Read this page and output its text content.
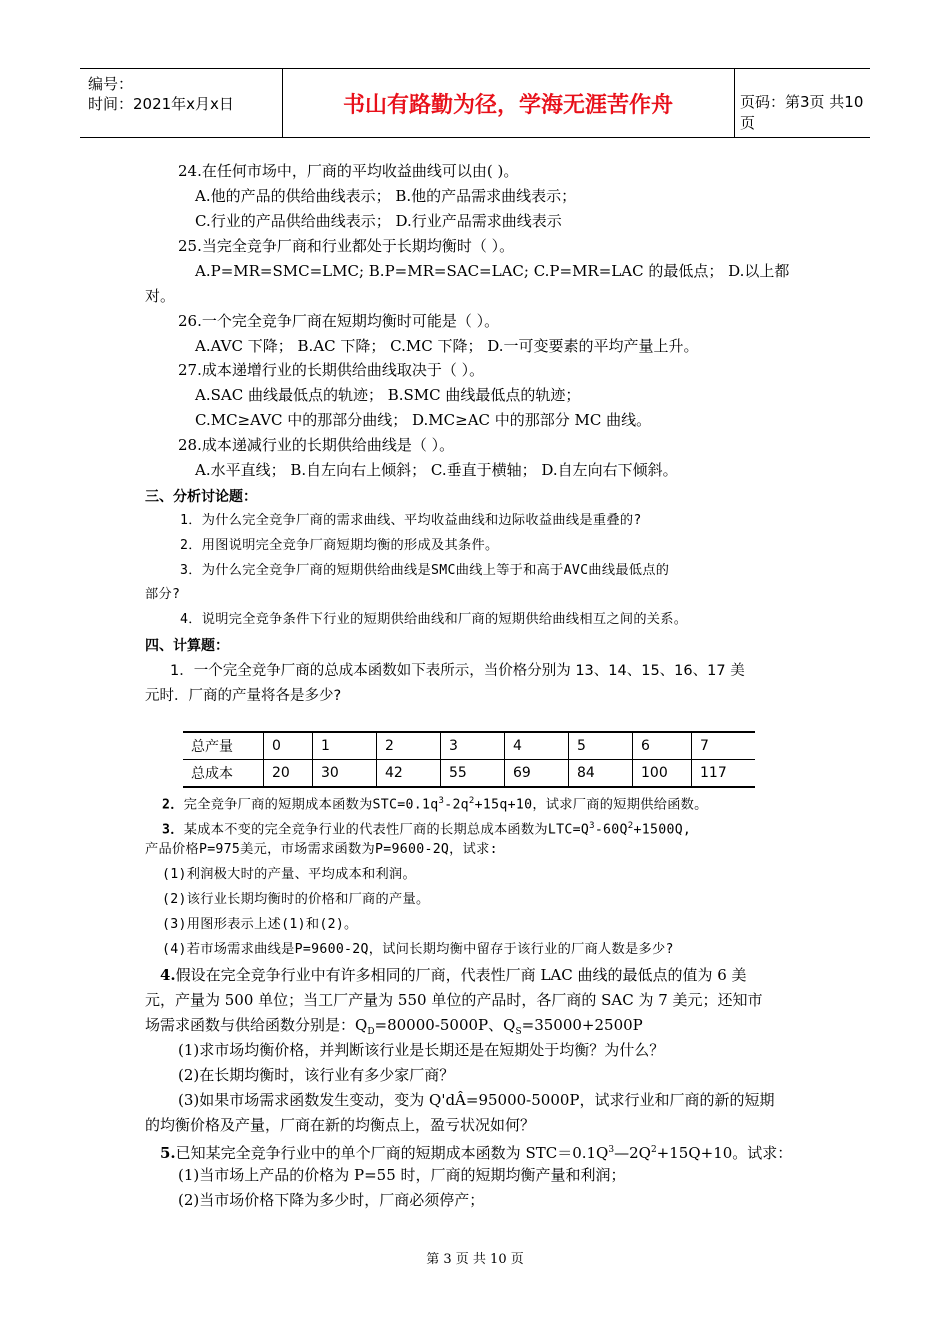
编号：
时间：2021年x月x日	书山有路勤为径，学海无涯苦作舟	页码：第3页 共10页
24.在任何市场中，厂商的平均收益曲线可以由( )。
A.他的产品的供给曲线表示； B.他的产品需求曲线表示；
C.行业的产品供给曲线表示； D.行业产品需求曲线表示
25.当完全竞争厂商和行业都处于长期均衡时（ ）。
A.P=MR=SMC=LMC; B.P=MR=SAC=LAC; C.P=MR=LAC 的最低点； D.以上都
对。
26.一个完全竞争厂商在短期均衡时可能是（ ）。
A.AVC 下降； B.AC 下降； C.MC 下降； D.一可变要素的平均产量上升。
27.成本递增行业的长期供给曲线取决于（ ）。
A.SAC 曲线最低点的轨迹； B.SMC 曲线最低点的轨迹；
C.MC≥AVC 中的那部分曲线； D.MC≥AC 中的那部分 MC 曲线。
28.成本递减行业的长期供给曲线是（ ）。
A.水平直线； B.自左向右上倾斜； C.垂直于横轴； D.自左向右下倾斜。
三、分析讨论题：
1．为什么完全竞争厂商的需求曲线、平均收益曲线和边际收益曲线是重叠的?
2．用图说明完全竞争厂商短期均衡的形成及其条件。
3．为什么完全竞争厂商的短期供给曲线是SMC曲线上等于和高于AVC曲线最低点的
部分?
4．说明完全竞争条件下行业的短期供给曲线和厂商的短期供给曲线相互之间的关系。
四、计算题：
1．一个完全竞争厂商的总成本函数如下表所示，当价格分别为 13、14、15、16、17 美
元时．厂商的产量将各是多少?
总产量	0	1	2	3	4	5	6	7
总成本	20	30	42	55	69	84	100	117
2．完全竞争厂商的短期成本函数为$STC=0.1q^3-2q^2+15q+10$，试求厂商的短期供给函数。
3．某成本不变的完全竞争行业的代表性厂商的长期总成本函数为$LTC=Q^3-60Q^2+1500Q$,
产品价格P=975美元，市场需求函数为P=9600-2Q，试求:
(1)利润极大时的产量、平均成本和利润。
(2)该行业长期均衡时的价格和厂商的产量。
(3)用图形表示上述(1)和(2)。
(4)若市场需求曲线是P=9600-2Q，试问长期均衡中留存于该行业的厂商人数是多少?
4.假设在完全竞争行业中有许多相同的厂商，代表性厂商 LAC 曲线的最低点的值为 6 美
元，产量为 500 单位；当工厂产量为 550 单位的产品时，各厂商的 SAC 为 7 美元；还知市
场需求函数与供给函数分别是：$Q_D=80000-5000P$、$Q_S=35000+2500P$
(1)求市场均衡价格，并判断该行业是长期还是在短期处于均衡？为什么？
(2)在长期均衡时，该行业有多少家厂商？
(3)如果市场需求函数发生变动，变为 Q'dÂ=95000-5000P，试求行业和厂商的新的短期
的均衡价格及产量，厂商在新的均衡点上，盈亏状况如何？
5.已知某完全竞争行业中的单个厂商的短期成本函数为 $STC=0.1Q^3—2Q^2+15Q+10$。试求：
(1)当市场上产品的价格为 P=55 时，厂商的短期均衡产量和利润；
(2)当市场价格下降为多少时，厂商必须停产；
第 3 页 共 10 页
